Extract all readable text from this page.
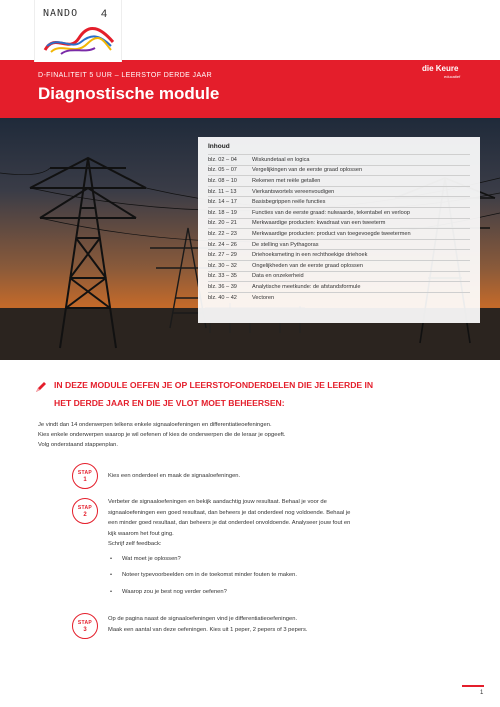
NANDO 4
D-FINALITEIT 5 UUR – LEERSTOF DERDE JAAR
Diagnostische module
die Keure
educatief
Inhoud
blz. 02 – 04	Wiskundetaal en logica
blz. 05 – 07	Vergelijkingen van de eerste graad oplossen
blz. 08 – 10	Rekenen met reële getallen
blz. 11 – 13	Vierkantswortels vereenvoudigen
blz. 14 – 17	Basisbegrippen reële functies
blz. 18 – 19	Functies van de eerste graad: nulwaarde, tekentabel en verloop
blz. 20 – 21	Merkwaardige producten: kwadraat van een tweeterm
blz. 22 – 23	Merkwaardige producten: product van toegevoegde tweetermen
blz. 24 – 26	De stelling van Pythagoras
blz. 27 – 29	Driehoeksmeting in een rechthoekige driehoek
blz. 30 – 32	Ongelijkheden van de eerste graad oplossen
blz. 33 – 35	Data en onzekerheid
blz. 36 – 39	Analytische meetkunde: de afstandsformule
blz. 40 – 42	Vectoren
IN DEZE MODULE OEFEN JE OP LEERSTOFONDERDELEN DIE JE LEERDE IN
HET DERDE JAAR EN DIE JE VLOT MOET BEHEERSEN:
Je vindt dan 14 onderwerpen telkens enkele signaaloefeningen en differentiatieoefeningen.
Kies enkele onderwerpen waarop je wil oefenen of kies de onderwerpen die de leraar je opgeeft.
Volg onderstaand stappenplan.
STAP
1
Kies een onderdeel en maak de signaaloefeningen.
STAP
2
Verbeter de signaaloefeningen en bekijk aandachtig jouw resultaat. Behaal je voor de
signaaloefeningen een goed resultaat, dan beheers je dat onderdeel nog voldoende. Behaal je
een minder goed resultaat, dan beheers je dat onderdeel onvoldoende. Analyseer jouw fout en
kijk waarom het fout ging.
Schrijf zelf feedback:
• Wat moet je oplossen?
• Noteer typevoorbeelden om in de toekomst minder fouten te maken.
• Waarop zou je best nog verder oefenen?
STAP
3
Op de pagina naast de signaaloefeningen vind je differentiatieoefeningen.
Maak een aantal van deze oefeningen. Kies uit 1 peper, 2 pepers of 3 pepers.
1
